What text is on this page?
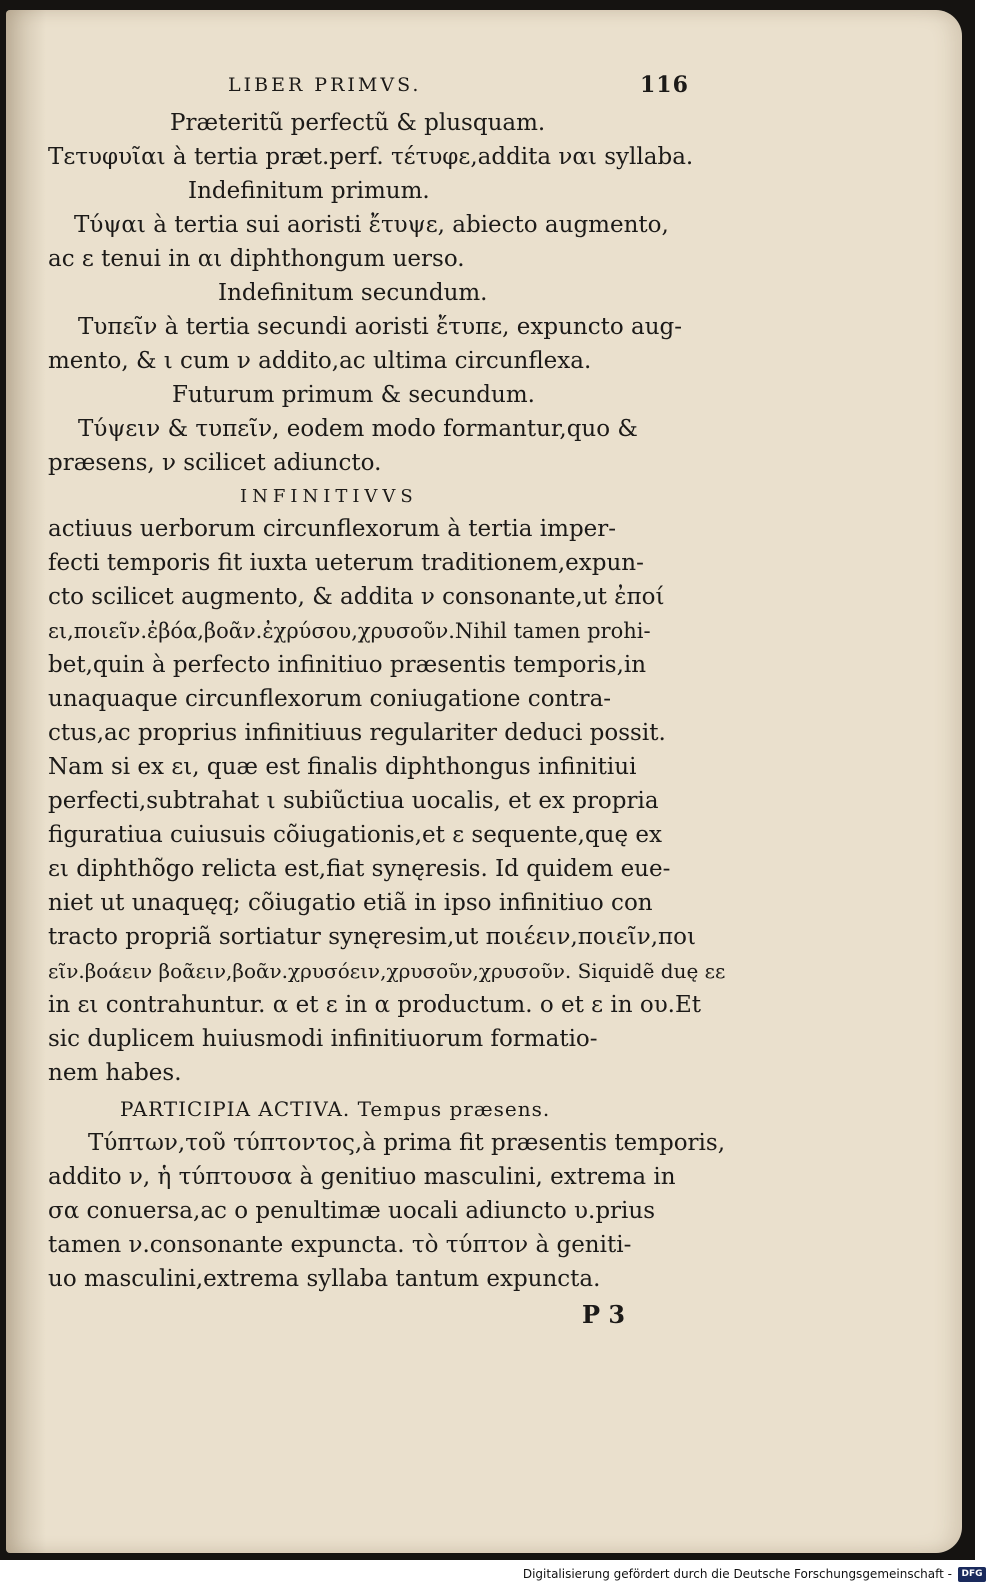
LIBER PRIMVS.	116
Præteritũ perfectũ & plusquam.
Τετυφυῖαι à tertia præt.perf. τέτυφε,addita ναι syllaba.
Indefinitum primum.
Τύψαι à tertia sui aoristi ἔτυψε, abiecto augmento,
ac ε tenui in αι diphthongum uerso.
Indefinitum secundum.
Τυπεῖν à tertia secundi aoristi ἔτυπε, expuncto aug-
mento, & ι cum ν addito,ac ultima circunflexa.
Futurum primum & secundum.
Τύψειν & τυπεῖν, eodem modo formantur,quo &
præsens, ν scilicet adiuncto.
INFINITIVVS
actiuus uerborum circunflexorum à tertia imper-
fecti temporis fit iuxta ueterum traditionem,expun-
cto scilicet augmento, & addita ν consonante,ut ἐποί
ει,ποιεῖν.ἐβόα,βοᾶν.ἐχρύσου,χρυσοῦν.Nihil tamen prohi-
bet,quin à perfecto infinitiuo præsentis temporis,in
unaquaque circunflexorum coniugatione contra-
ctus,ac proprius infinitiuus regulariter deduci possit.
Nam si ex ει, quæ est finalis diphthongus infinitiui
perfecti,subtrahat ι subiũctiua uocalis, et ex propria
figuratiua cuiusuis cõiugationis,et ε sequente,quę ex
ει diphthõgo relicta est,fiat synęresis. Id quidem eue-
niet ut unaquęq; cõiugatio etiã in ipso infinitiuo con
tracto propriã sortiatur synęresim,ut ποιέειν,ποιεῖν,ποι
εῖν.βοάειν βοᾶειν,βοᾶν.χρυσόειν,χρυσοῦν,χρυσοῦν. Siquidẽ duę εε
in ει contrahuntur. α et ε in α productum. ο et ε in ου.Et
sic duplicem huiusmodi infinitiuorum formatio-
nem habes.
PARTICIPIA ACTIVA. Tempus præsens.
Τύπτων,τοῦ τύπτοντος,à prima fit præsentis temporis,
addito ν, ἡ τύπτουσα à genitiuo masculini, extrema in
σα conuersa,ac ο penultimæ uocali adiuncto υ.prius
tamen ν.consonante expuncta. τὸ τύπτον à geniti-
uo masculini,extrema syllaba tantum expuncta.
P 3
Digitalisierung gefördert durch die Deutsche Forschungsgemeinschaft -	DFG
